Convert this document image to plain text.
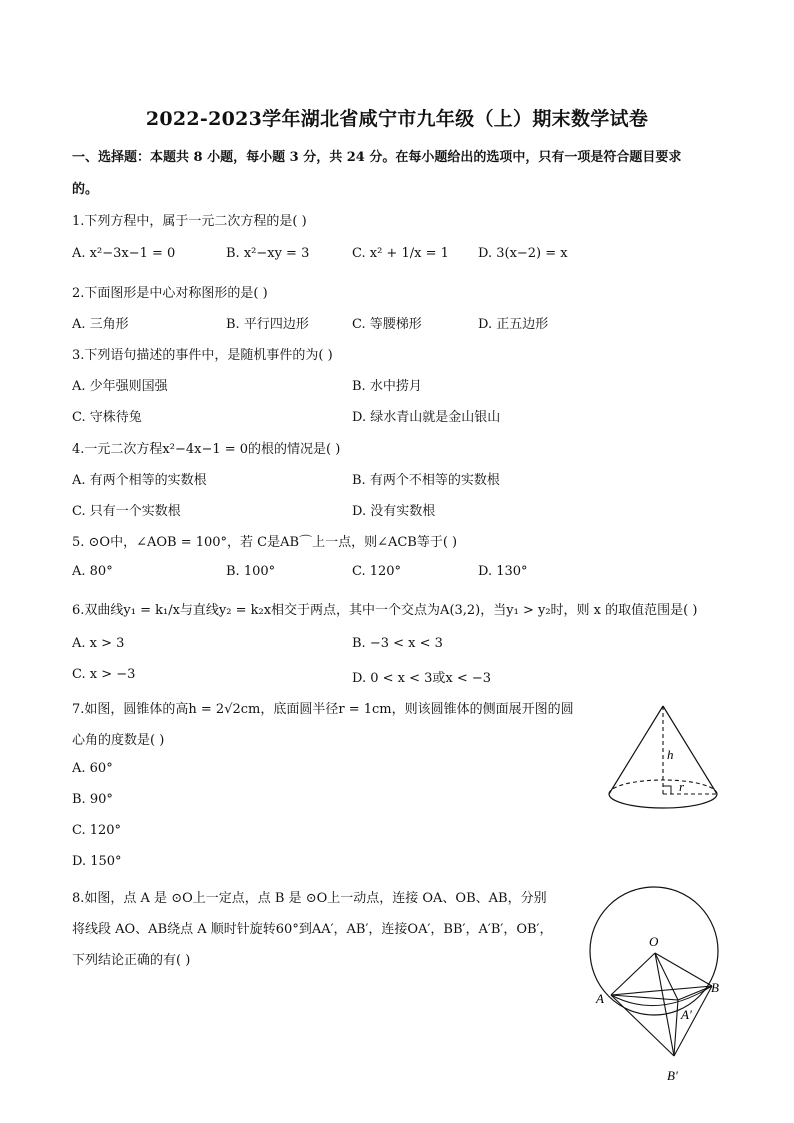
2022-2023学年湖北省咸宁市九年级（上）期末数学试卷
一、选择题：本题共 8 小题，每小题 3 分，共 24 分。在每小题给出的选项中，只有一项是符合题目要求
的。
1.下列方程中，属于一元二次方程的是( )
A. x²−3x−1 = 0	B. x²−xy = 3	C. x² + 1/x = 1 D. 3(x−2) = x
2.下面图形是中心对称图形的是( )
A. 三角形	B. 平行四边形	C. 等腰梯形	D. 正五边形
3.下列语句描述的事件中，是随机事件的为( )
A. 少年强则国强	B. 水中捞月
C. 守株待兔	D. 绿水青山就是金山银山
4.一元二次方程x²−4x−1 = 0的根的情况是( )
A. 有两个相等的实数根	B. 有两个不相等的实数根
C. 只有一个实数根	D. 没有实数根
5. ⊙O中，∠AOB = 100°，若 C是AB⌒上一点，则∠ACB等于( )
A. 80°	B. 100°	C. 120°	D. 130°
6.双曲线y₁ = k₁/x与直线y₂ = k₂x相交于两点，其中一个交点为A(3,2)，当y₁ > y₂时，则 x 的取值范围是( )
A. x > 3	B. −3 < x < 3
C. x > −3	D. 0 < x < 3或x < −3
7.如图，圆锥体的高h = 2√2cm，底面圆半径r = 1cm，则该圆锥体的侧面展开图的圆
心角的度数是( )
A. 60°
B. 90°
C. 120°
D. 150°
h
r
8.如图，点 A 是 ⊙O上一定点，点 B 是 ⊙O上一动点，连接 OA、OB、AB，分别
将线段 AO、AB绕点 A 顺时针旋转60°到AA′，AB′，连接OA′，BB′，A′B′，OB′，
下列结论正确的有( )
O
A
B
A′
B′
